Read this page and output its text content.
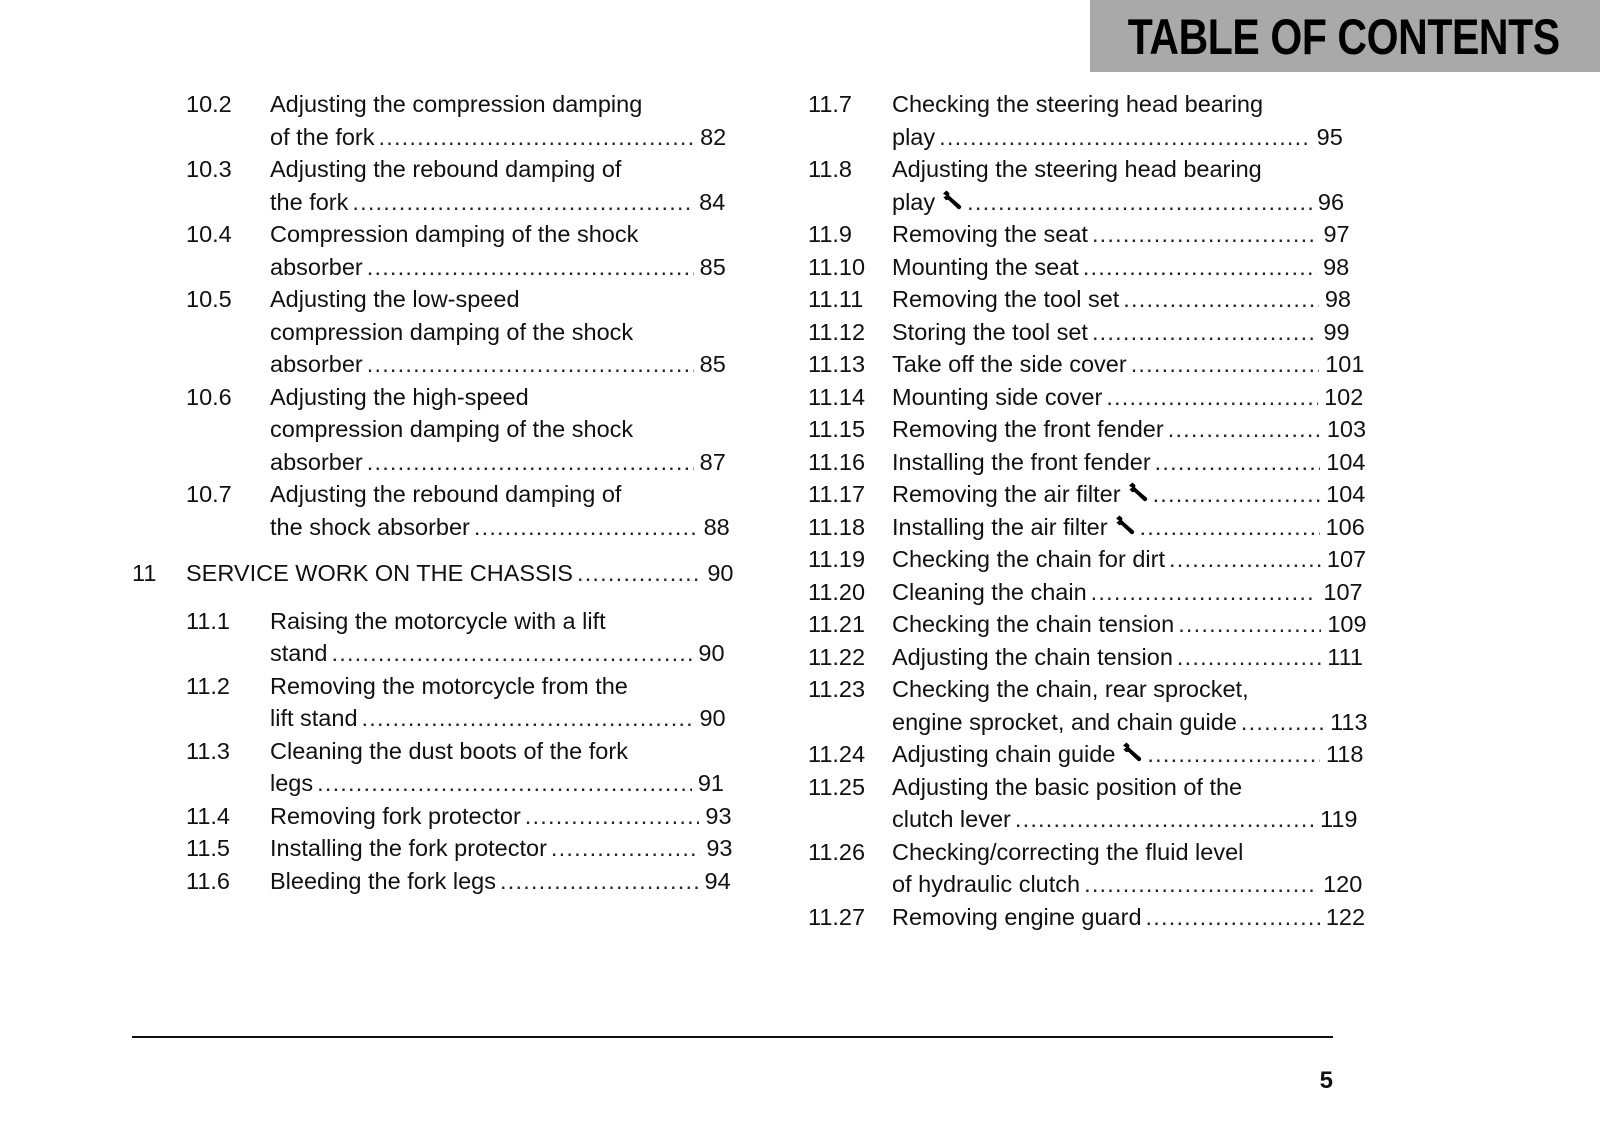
TABLE OF CONTENTS
10.2 Adjusting the compression damping
of the fork .....	82
10.3 Adjusting the rebound damping of
the fork .....	84
10.4 Compression damping of the shock
absorber .....	85
10.5 Adjusting the low-speed
compression damping of the shock
absorber .....	85
10.6 Adjusting the high-speed
compression damping of the shock
absorber .....	87
10.7 Adjusting the rebound damping of
the shock absorber .....	88
11 SERVICE WORK ON THE CHASSIS .....	90
11.1 Raising the motorcycle with a lift
stand .....	90
11.2 Removing the motorcycle from the
lift stand .....	90
11.3 Cleaning the dust boots of the fork
legs .....	91
11.4 Removing fork protector .....	93
11.5 Installing the fork protector .....	93
11.6 Bleeding the fork legs .....	94
11.7 Checking the steering head bearing
play .....	95
11.8 Adjusting the steering head bearing
play .....	96
11.9 Removing the seat .....	97
11.10 Mounting the seat .....	98
11.11 Removing the tool set .....	98
11.12 Storing the tool set .....	99
11.13 Take off the side cover .....	101
11.14 Mounting side cover .....	102
11.15 Removing the front fender .....	103
11.16 Installing the front fender .....	104
11.17 Removing the air filter .....	104
11.18 Installing the air filter .....	106
11.19 Checking the chain for dirt .....	107
11.20 Cleaning the chain .....	107
11.21 Checking the chain tension .....	109
11.22 Adjusting the chain tension .....	111
11.23 Checking the chain, rear sprocket,
engine sprocket, and chain guide .....	113
11.24 Adjusting chain guide .....	118
11.25 Adjusting the basic position of the
clutch lever .....	119
11.26 Checking/correcting the fluid level
of hydraulic clutch .....	120
11.27 Removing engine guard .....	122
5
